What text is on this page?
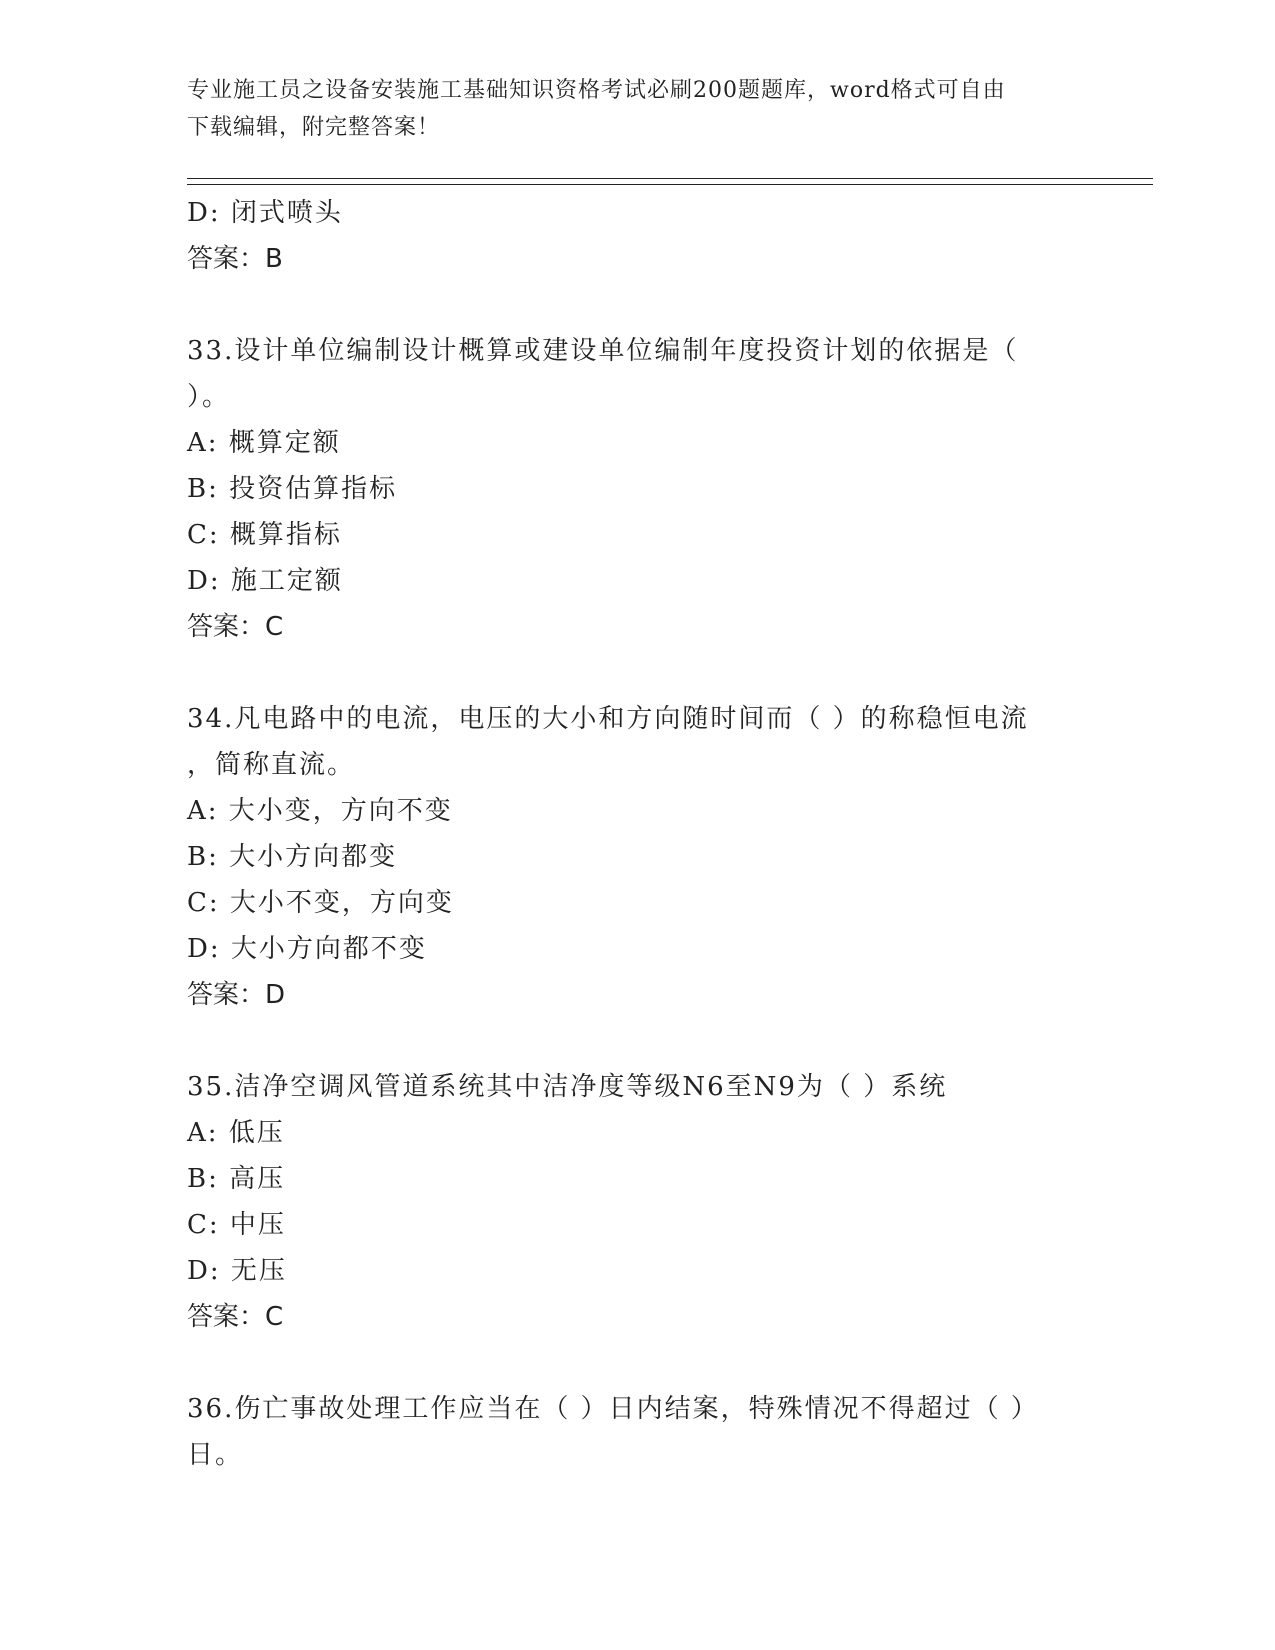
专业施工员之设备安装施工基础知识资格考试必刷200题题库，word格式可自由
下载编辑，附完整答案！
D: 闭式喷头
答案：B
33.设计单位编制设计概算或建设单位编制年度投资计划的依据是（
）。
A: 概算定额
B: 投资估算指标
C: 概算指标
D: 施工定额
答案：C
34.凡电路中的电流，电压的大小和方向随时间而（ ）的称稳恒电流
，简称直流。
A: 大小变，方向不变
B: 大小方向都变
C: 大小不变，方向变
D: 大小方向都不变
答案：D
35.洁净空调风管道系统其中洁净度等级N6至N9为（ ）系统
A: 低压
B: 高压
C: 中压
D: 无压
答案：C
36.伤亡事故处理工作应当在（ ）日内结案，特殊情况不得超过（ ）
日。
